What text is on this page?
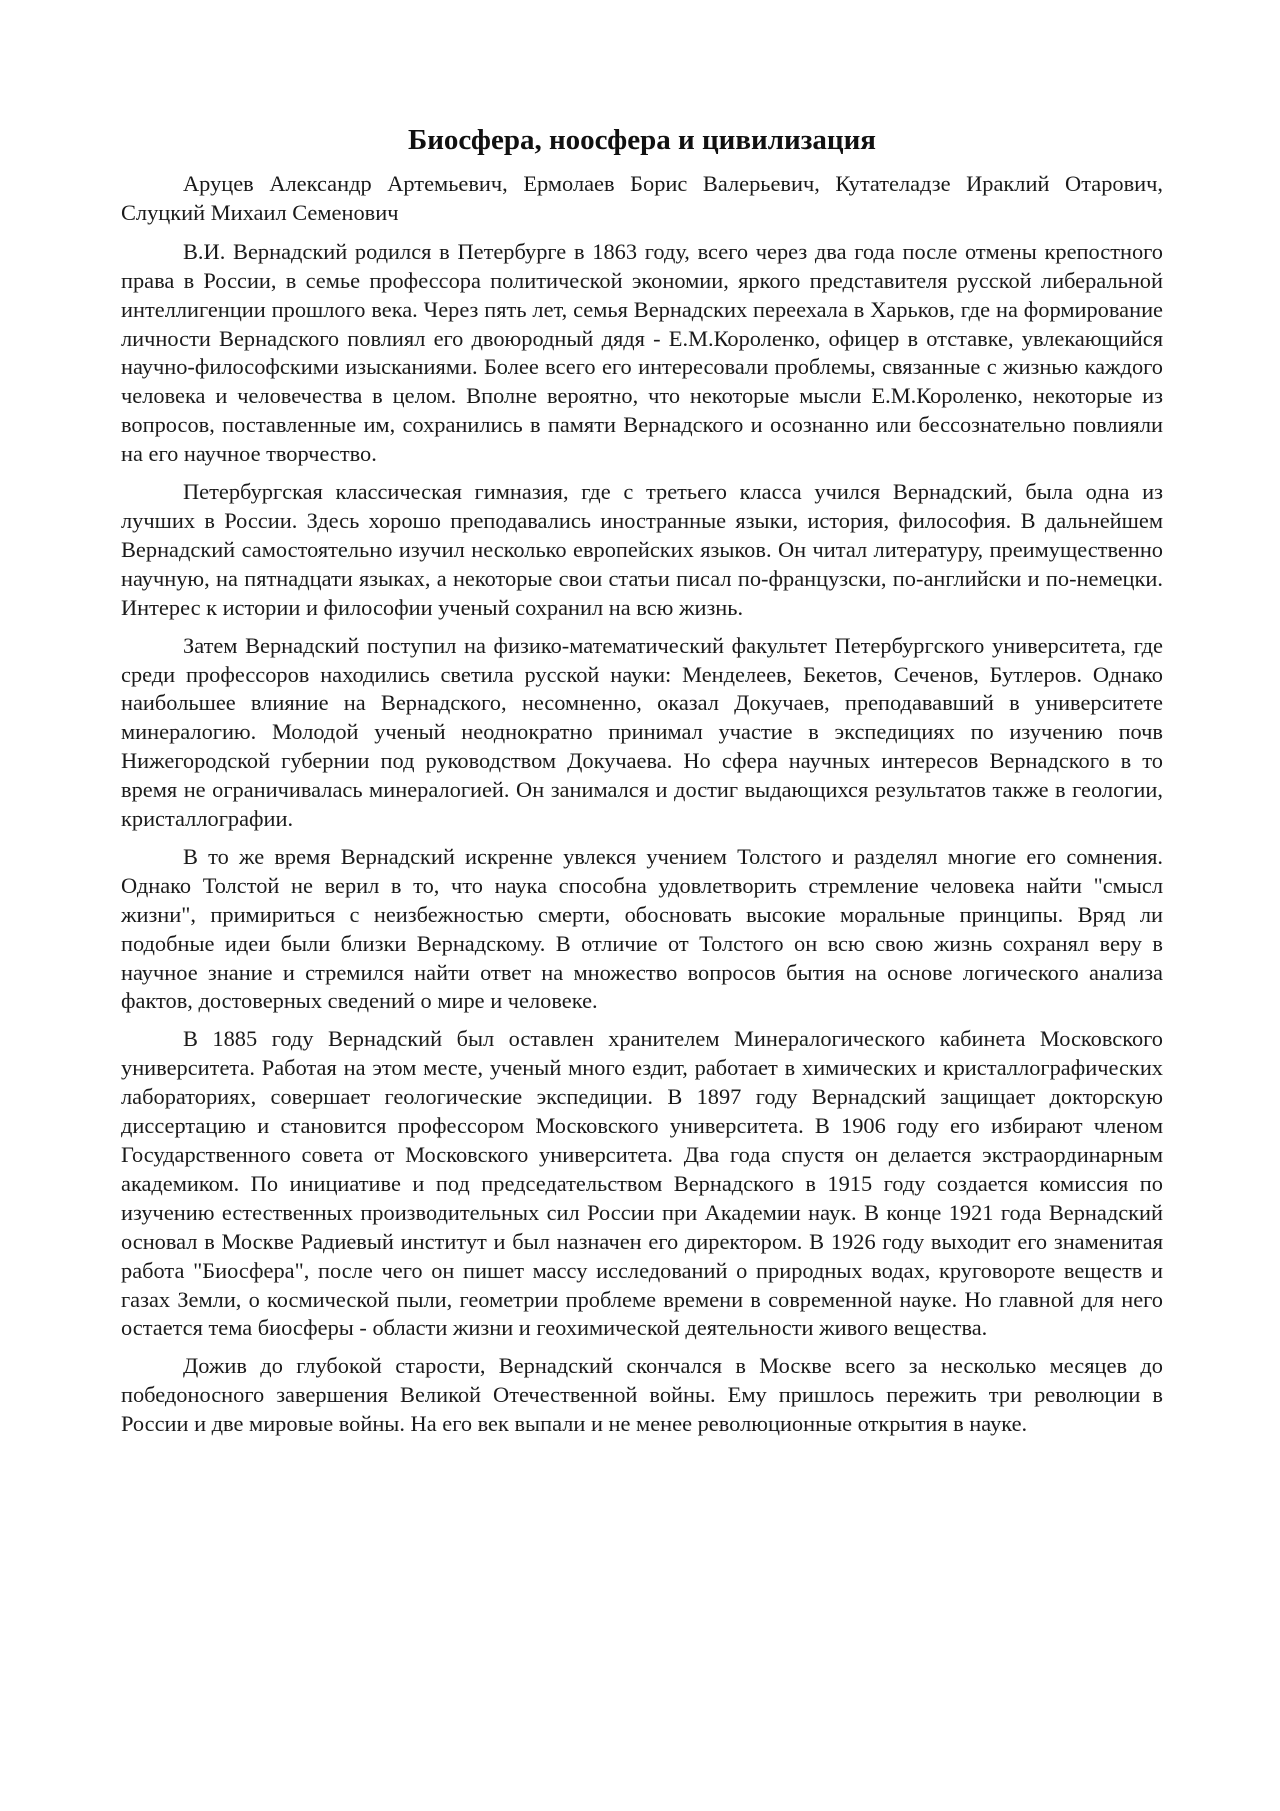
Биосфера, ноосфера и цивилизация

Аруцев Александр Артемьевич, Ермолаев Борис Валерьевич, Кутателадзе Ираклий Отарович, Слуцкий Михаил Семенович

В.И. Вернадский родился в Петербурге в 1863 году, всего через два года после отмены крепостного права в России, в семье профессора политической экономии, яркого представителя русской либеральной интеллигенции прошлого века. Через пять лет, семья Вернадских переехала в Харьков, где на формирование личности Вернадского повлиял его двоюродный дядя - Е.М.Короленко, офицер в отставке, увлекающийся научно-философскими изысканиями. Более всего его интересовали проблемы, связанные с жизнью каждого человека и человечества в целом. Вполне вероятно, что некоторые мысли Е.М.Короленко, некоторые из вопросов, поставленные им, сохранились в памяти Вернадского и осознанно или бессознательно повлияли на его научное творчество.

Петербургская классическая гимназия, где с третьего класса учился Вернадский, была одна из лучших в России. Здесь хорошо преподавались иностранные языки, история, философия. В дальнейшем Вернадский самостоятельно изучил несколько европейских языков. Он читал литературу, преимущественно научную, на пятнадцати языках, а некоторые свои статьи писал по-французски, по-английски и по-немецки. Интерес к истории и философии ученый сохранил на всю жизнь.

Затем Вернадский поступил на физико-математический факультет Петербургского университета, где среди профессоров находились светила русской науки: Менделеев, Бекетов, Сеченов, Бутлеров. Однако наибольшее влияние на Вернадского, несомненно, оказал Докучаев, преподававший в университете минералогию. Молодой ученый неоднократно принимал участие в экспедициях по изучению почв Нижегородской губернии под руководством Докучаева. Но сфера научных интересов Вернадского в то время не ограничивалась минералогией. Он занимался и достиг выдающихся результатов также в геологии, кристаллографии.

В то же время Вернадский искренне увлекся учением Толстого и разделял многие его сомнения. Однако Толстой не верил в то, что наука способна удовлетворить стремление человека найти "смысл жизни", примириться с неизбежностью смерти, обосновать высокие моральные принципы. Вряд ли подобные идеи были близки Вернадскому. В отличие от Толстого он всю свою жизнь сохранял веру в научное знание и стремился найти ответ на множество вопросов бытия на основе логического анализа фактов, достоверных сведений о мире и человеке.

В 1885 году Вернадский был оставлен хранителем Минералогического кабинета Московского университета. Работая на этом месте, ученый много ездит, работает в химических и кристаллографических лабораториях, совершает геологические экспедиции. В 1897 году Вернадский защищает докторскую диссертацию и становится профессором Московского университета. В 1906 году его избирают членом Государственного совета от Московского университета. Два года спустя он делается экстраординарным академиком. По инициативе и под председательством Вернадского в 1915 году создается комиссия по изучению естественных производительных сил России при Академии наук. В конце 1921 года Вернадский основал в Москве Радиевый институт и был назначен его директором. В 1926 году выходит его знаменитая работа "Биосфера", после чего он пишет массу исследований о природных водах, круговороте веществ и газах Земли, о космической пыли, геометрии проблеме времени в современной науке. Но главной для него остается тема биосферы - области жизни и геохимической деятельности живого вещества.

Дожив до глубокой старости, Вернадский скончался в Москве всего за несколько месяцев до победоносного завершения Великой Отечественной войны. Ему пришлось пережить три революции в России и две мировые войны. На его век выпали и не менее революционные открытия в науке.
